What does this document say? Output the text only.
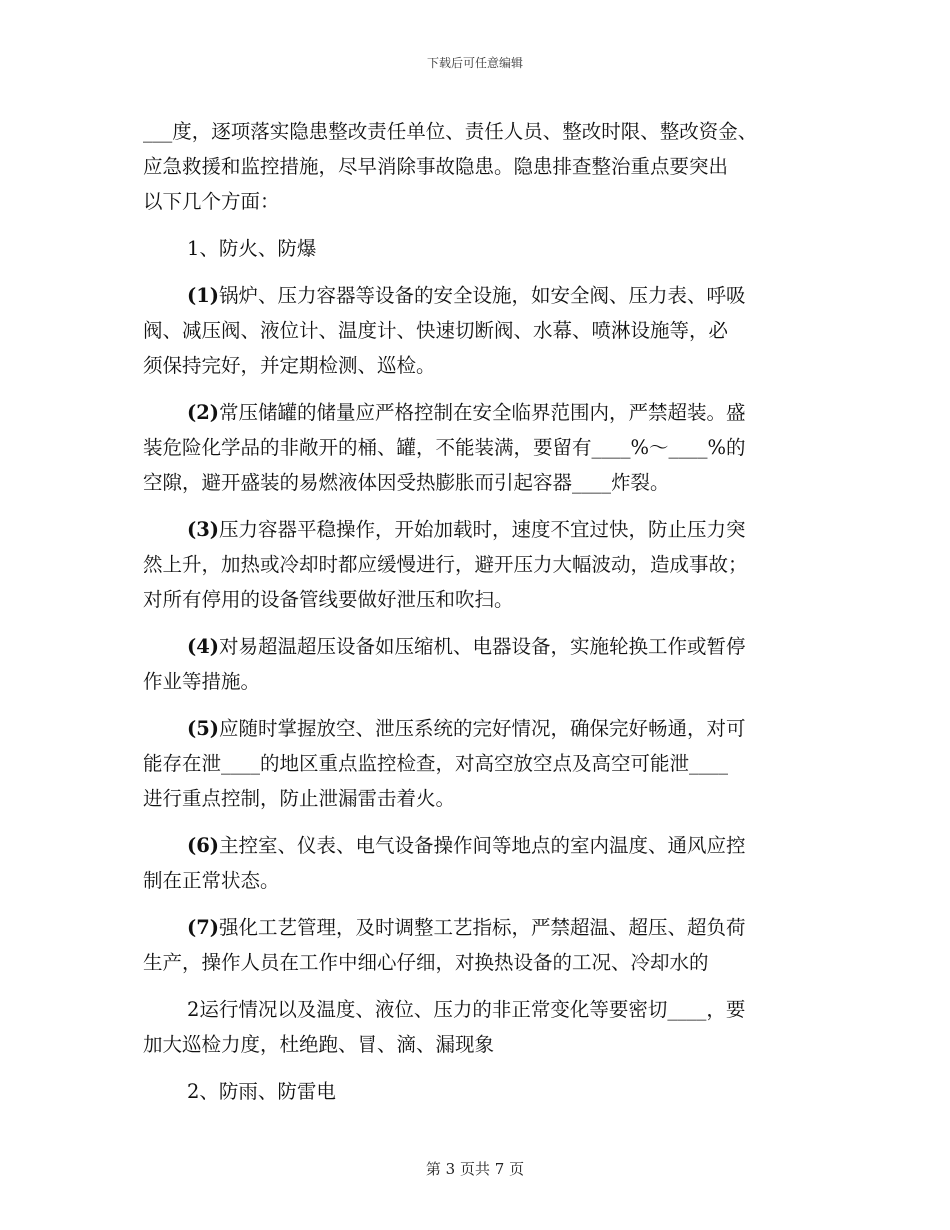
下载后可任意编辑
___度，逐项落实隐患整改责任单位、责任人员、整改时限、整改资金、
应急救援和监控措施，尽早消除事故隐患。隐患排查整治重点要突出
以下几个方面：
1、防火、防爆
(1)锅炉、压力容器等设备的安全设施，如安全阀、压力表、呼吸
阀、减压阀、液位计、温度计、快速切断阀、水幕、喷淋设施等，必
须保持完好，并定期检测、巡检。
(2)常压储罐的储量应严格控制在安全临界范围内，严禁超装。盛
装危险化学品的非敞开的桶、罐，不能装满，要留有____%～____%的
空隙，避开盛装的易燃液体因受热膨胀而引起容器____炸裂。
(3)压力容器平稳操作，开始加载时，速度不宜过快，防止压力突
然上升，加热或冷却时都应缓慢进行，避开压力大幅波动，造成事故；
对所有停用的设备管线要做好泄压和吹扫。
(4)对易超温超压设备如压缩机、电器设备，实施轮换工作或暂停
作业等措施。
(5)应随时掌握放空、泄压系统的完好情况，确保完好畅通，对可
能存在泄____的地区重点监控检查，对高空放空点及高空可能泄____
进行重点控制，防止泄漏雷击着火。
(6)主控室、仪表、电气设备操作间等地点的室内温度、通风应控
制在正常状态。
(7)强化工艺管理，及时调整工艺指标，严禁超温、超压、超负荷
生产，操作人员在工作中细心仔细，对换热设备的工况、冷却水的
2运行情况以及温度、液位、压力的非正常变化等要密切____，要
加大巡检力度，杜绝跑、冒、滴、漏现象
2、防雨、防雷电
第 3 页共 7 页
